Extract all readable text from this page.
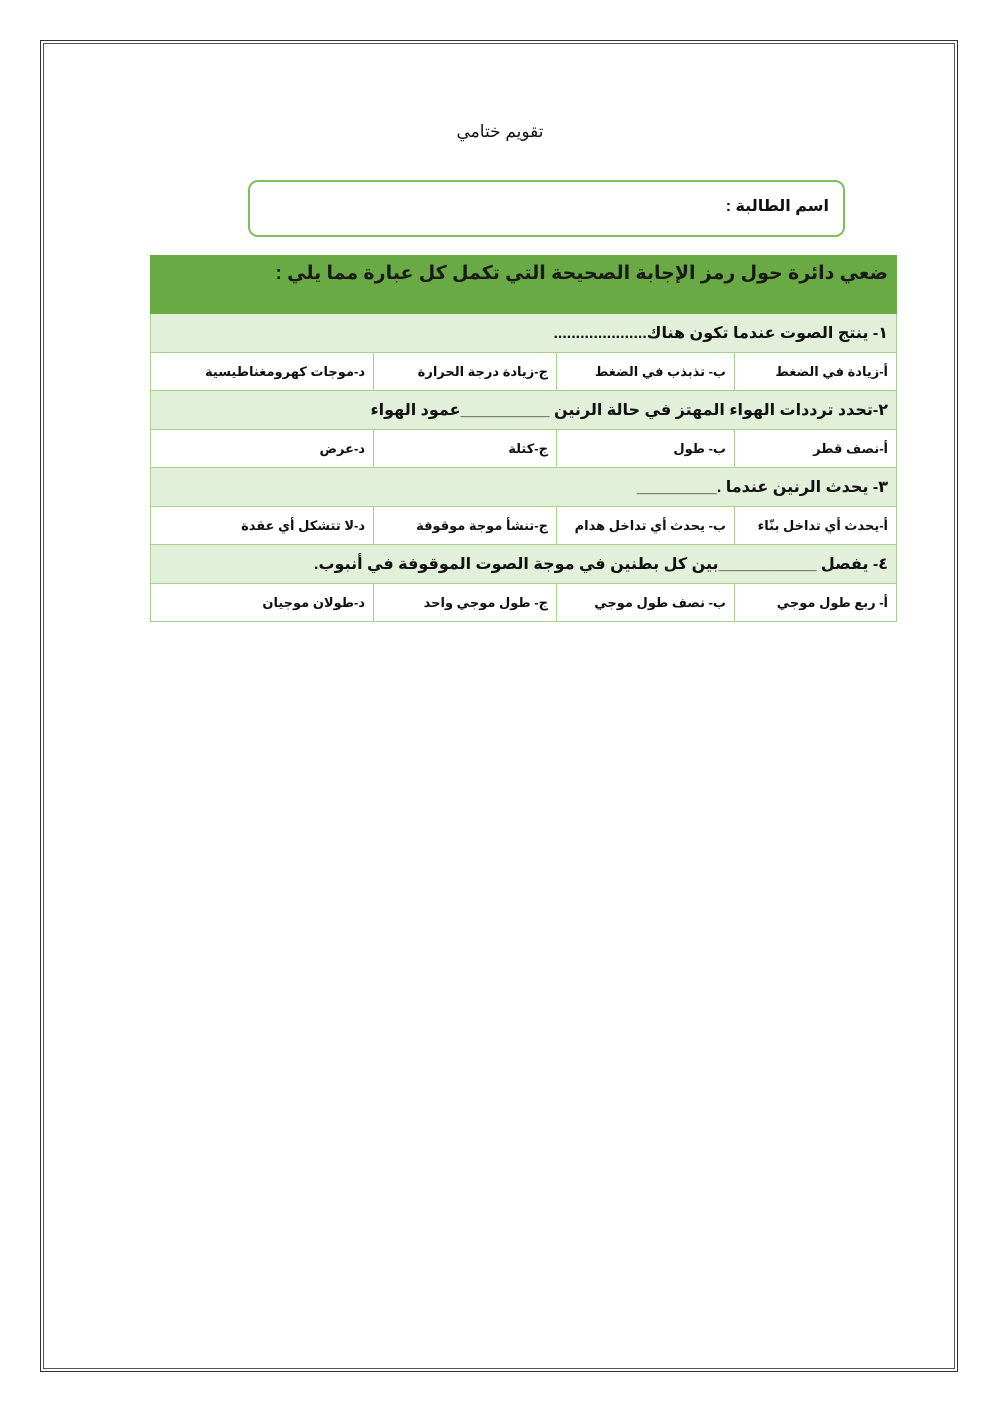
تقويم ختامي
اسم الطالبة :
ضعي دائرة حول رمز الإجابة الصحيحة التي تكمل كل عبارة مما يلي :			
١- ينتج الصوت عندما تكون هناك.....................			
أ-زيادة في الضغط	ب- تذبذب في الضغط	ج-زيادة درجة الحرارة	د-موجات كهرومغناطيسية
٢-تحدد ترددات الهواء المهتز في حالة الرنين __________عمود الهواء			
أ-نصف قطر	ب- طول	ج-كتلة	د-عرض
٣- يحدث الرنين عندما ._________			
أ-يحدث أي تداخل بنّاء	ب- يحدث أي تداخل هدام	ج-تنشأ موجة موقوفة	د-لا تتشكل أي عقدة
٤- يفصل ___________بين كل بطنين في موجة الصوت الموقوفة في أنبوب.			
أ- ربع طول موجي	ب- نصف طول موجي	ج- طول موجي واحد	د-طولان موجيان
